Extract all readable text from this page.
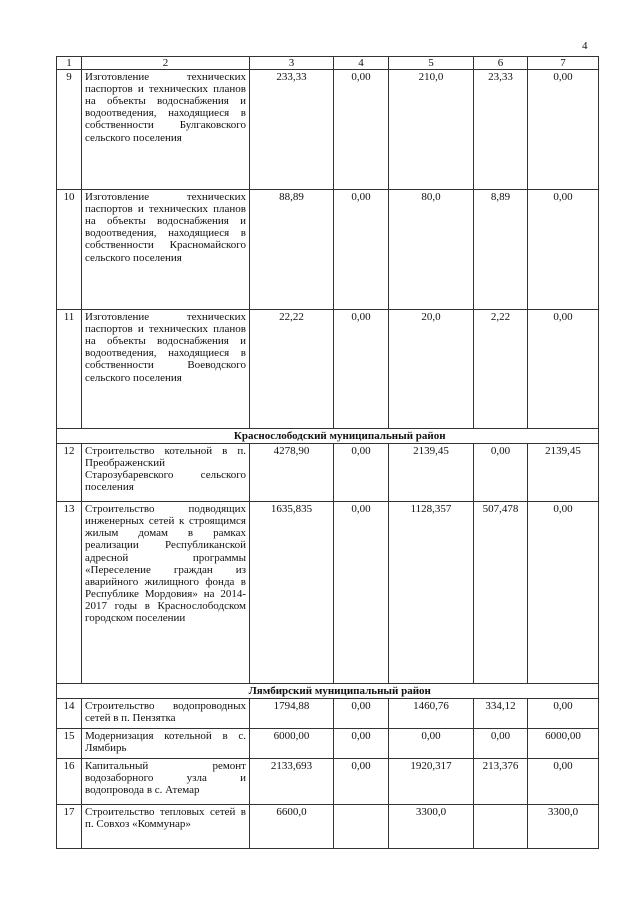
4
1	2	3	4	5	6	7
9	Изготовление технических паспортов и технических планов на объекты водоснабжения и водоотведения, находящиеся в собственности Булгаковского сельского поселения	233,33	0,00	210,0	23,33	0,00
10	Изготовление технических паспортов и технических планов на объекты водоснабжения и водоотведения, находящиеся в собственности Красномайского сельского поселения	88,89	0,00	80,0	8,89	0,00
11	Изготовление технических паспортов и технических планов на объекты водоснабжения и водоотведения, находящиеся в собственности Воеводского сельского поселения	22,22	0,00	20,0	2,22	0,00
	Краснослободский муниципальный район					
12	Строительство котельной в п. Преображенский Старозубаревского сельского поселения	4278,90	0,00	2139,45	0,00	2139,45
13	Строительство подводящих инженерных сетей к строящимся жилым домам в рамках реализации Республиканской адресной программы «Переселение граждан из аварийного жилищного фонда в Республике Мордовия» на 2014-2017 годы в Краснослободском городском поселении	1635,835	0,00	1128,357	507,478	0,00
	Лямбирский муниципальный район					
14	Строительство водопроводных сетей в п. Пензятка	1794,88	0,00	1460,76	334,12	0,00
15	Модернизация котельной в с. Лямбирь	6000,00	0,00	0,00	0,00	6000,00
16	Капитальный ремонт водозаборного узла и водопровода в с. Атемар	2133,693	0,00	1920,317	213,376	0,00
17	Строительство тепловых сетей в п. Совхоз «Коммунар»	6600,0		3300,0		3300,0
